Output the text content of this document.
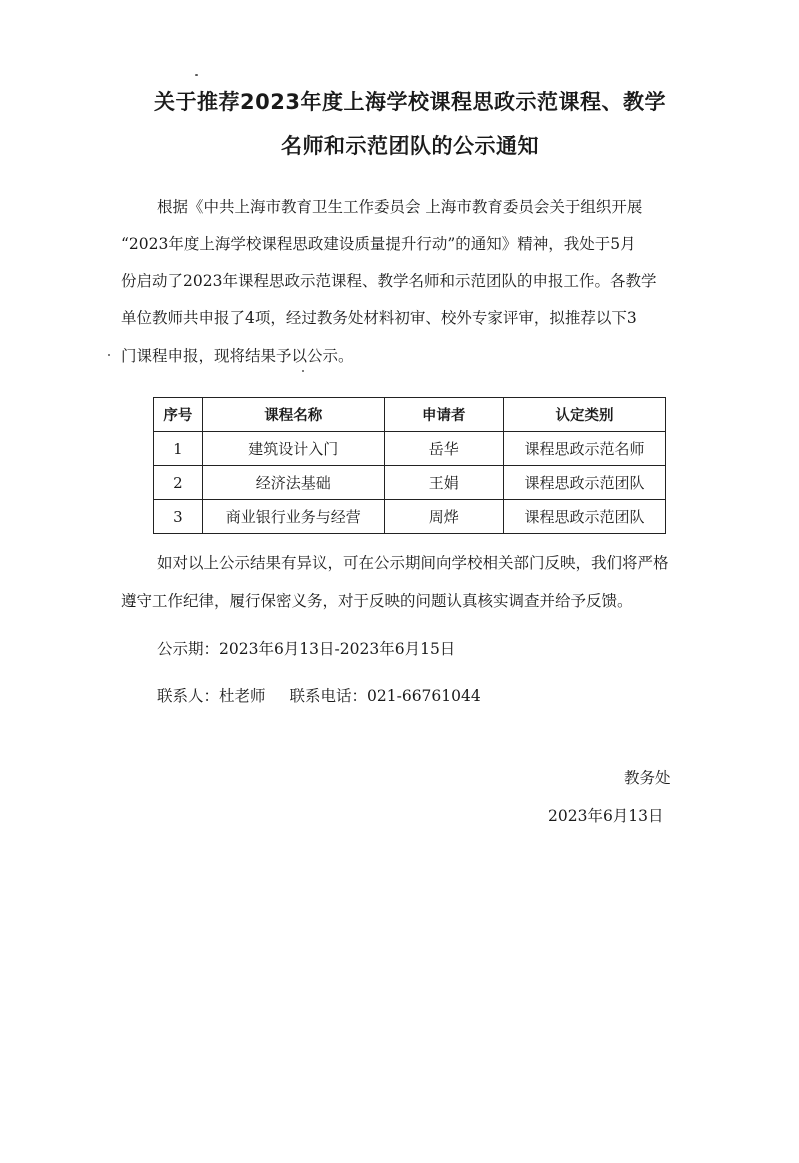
关于推荐2023年度上海学校课程思政示范课程、教学
名师和示范团队的公示通知
根据《中共上海市教育卫生工作委员会 上海市教育委员会关于组织开展
“2023年度上海学校课程思政建设质量提升行动”的通知》精神，我处于5月
份启动了2023年课程思政示范课程、教学名师和示范团队的申报工作。各教学
单位教师共申报了4项，经过教务处材料初审、校外专家评审，拟推荐以下3
门课程申报，现将结果予以公示。
序号	课程名称	申请者	认定类别
1	建筑设计入门	岳华	课程思政示范名师
2	经济法基础	王娟	课程思政示范团队
3	商业银行业务与经营	周烨	课程思政示范团队
如对以上公示结果有异议，可在公示期间向学校相关部门反映，我们将严格
遵守工作纪律，履行保密义务，对于反映的问题认真核实调查并给予反馈。
公示期：2023年6月13日-2023年6月15日
联系人：杜老师 联系电话：021-66761044
教务处
2023年6月13日
